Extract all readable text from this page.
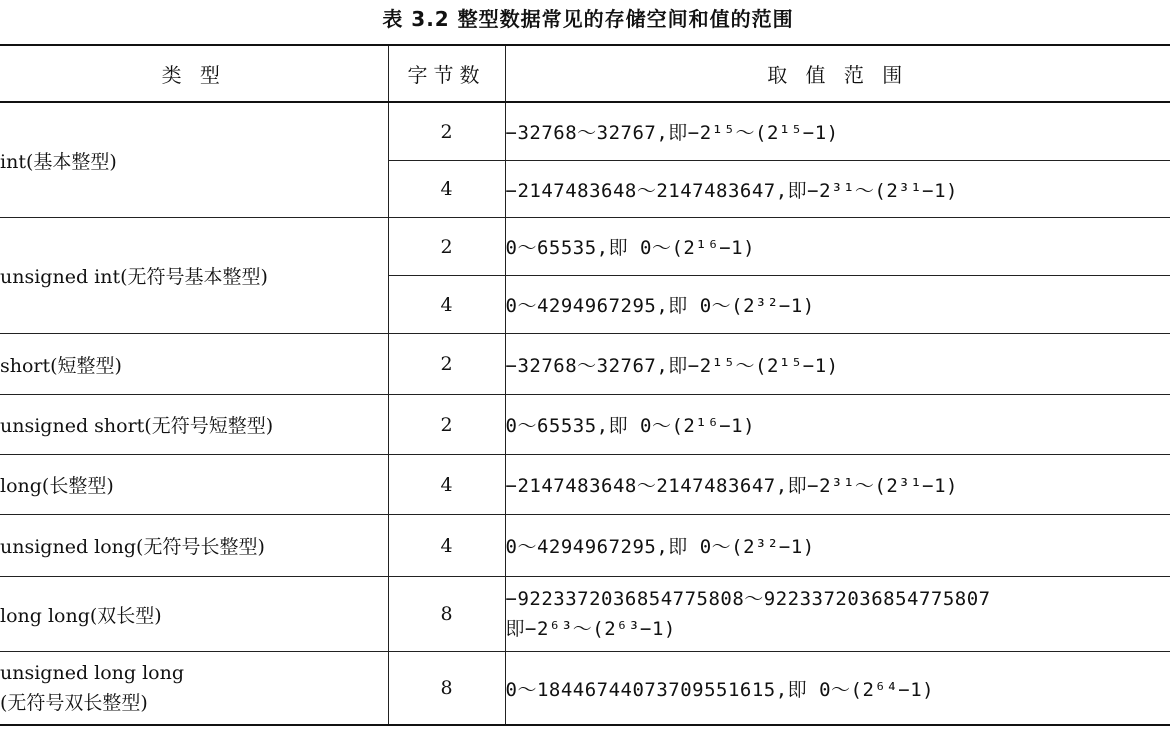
表 3.2 整型数据常见的存储空间和值的范围
类 型	字节数	取 值 范 围
int(基本整型)	2	−32768～32767,即−2¹⁵～(2¹⁵−1)
	4	−2147483648～2147483647,即−2³¹～(2³¹−1)
unsigned int(无符号基本整型)	2	0～65535,即 0～(2¹⁶−1)
	4	0～4294967295,即 0～(2³²−1)
short(短整型)	2	−32768～32767,即−2¹⁵～(2¹⁵−1)
unsigned short(无符号短整型)	2	0～65535,即 0～(2¹⁶−1)
long(长整型)	4	−2147483648～2147483647,即−2³¹～(2³¹−1)
unsigned long(无符号长整型)	4	0～4294967295,即 0～(2³²−1)
long long(双长型)	8	−9223372036854775808～9223372036854775807
即−2⁶³～(2⁶³−1)

unsigned long long
(无符号双长整型)	8	0～18446744073709551615,即 0～(2⁶⁴−1)
